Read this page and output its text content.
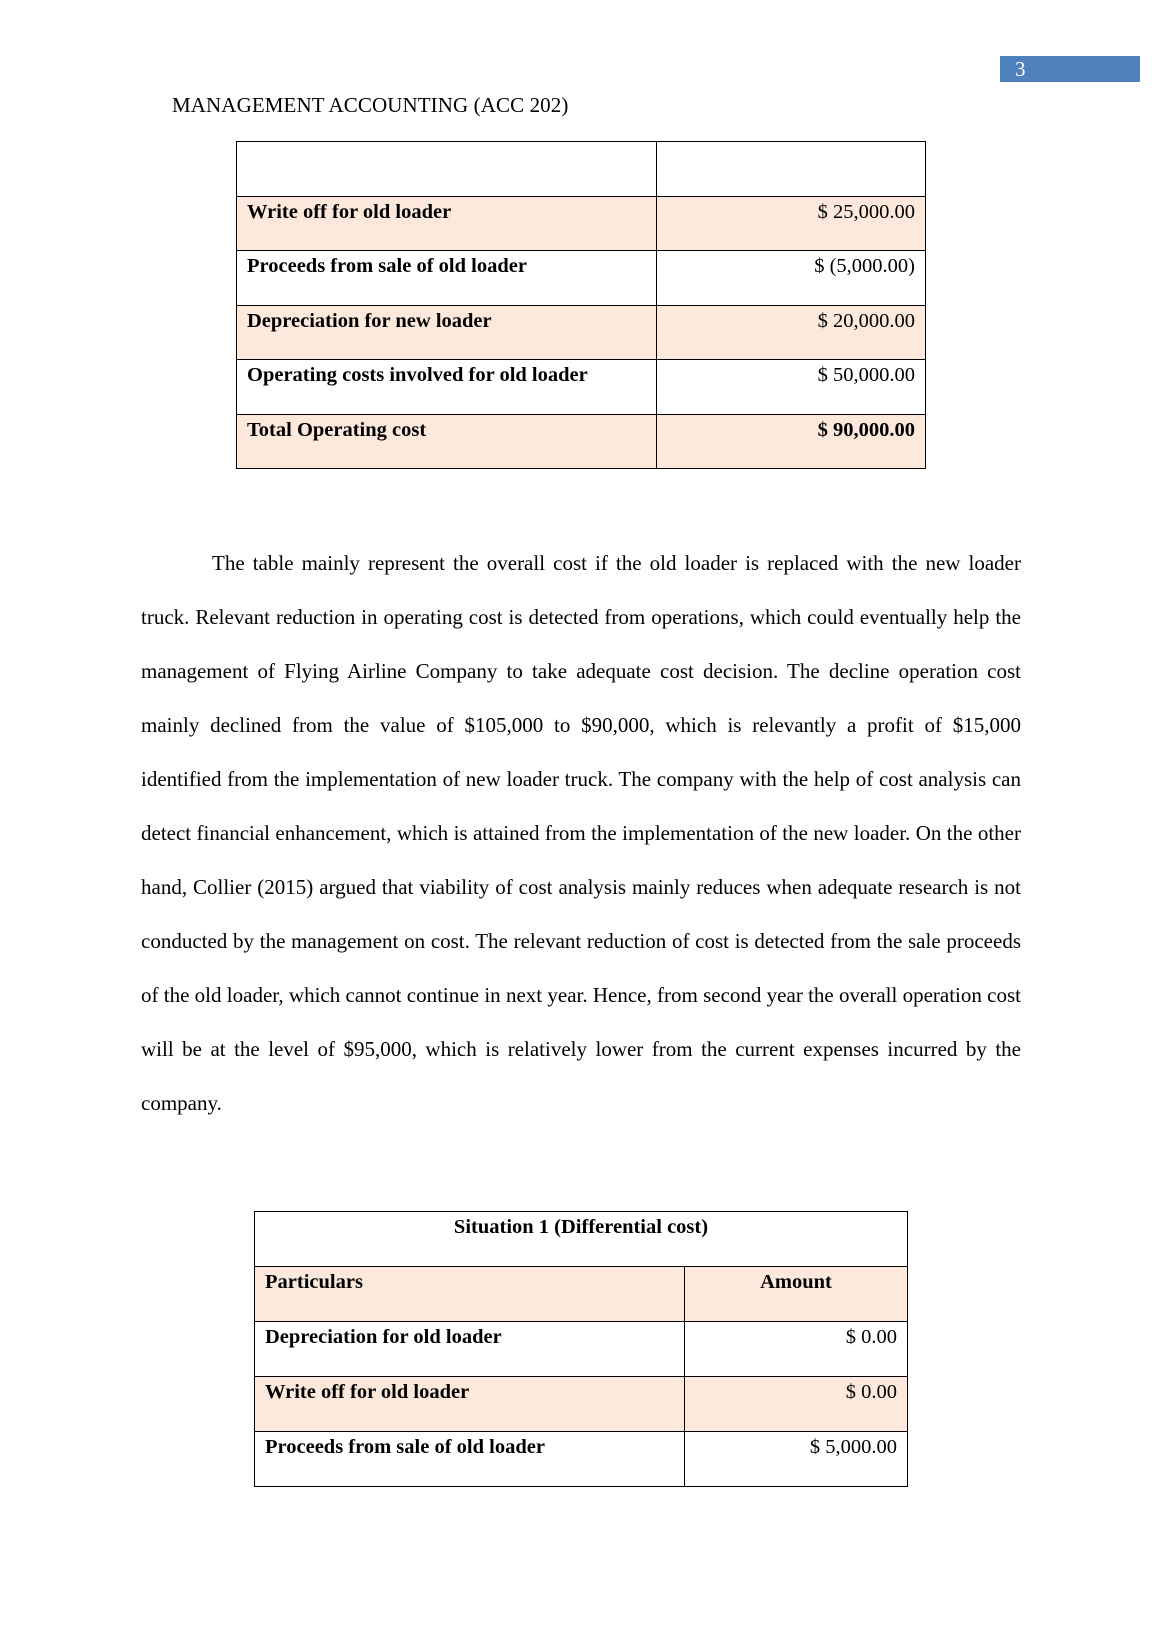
3
MANAGEMENT ACCOUNTING (ACC 202)

Write off for old loader	$ 25,000.00
Proceeds from sale of old loader	$ (5,000.00)
Depreciation for new loader	$ 20,000.00
Operating costs involved for old loader	$ 50,000.00
Total Operating cost	$ 90,000.00

The table mainly represent the overall cost if the old loader is replaced with the new loader truck. Relevant reduction in operating cost is detected from operations, which could eventually help the management of Flying Airline Company to take adequate cost decision. The decline operation cost mainly declined from the value of $105,000 to $90,000, which is relevantly a profit of $15,000 identified from the implementation of new loader truck. The company with the help of cost analysis can detect financial enhancement, which is attained from the implementation of the new loader. On the other hand, Collier (2015) argued that viability of cost analysis mainly reduces when adequate research is not conducted by the management on cost. The relevant reduction of cost is detected from the sale proceeds of the old loader, which cannot continue in next year. Hence, from second year the overall operation cost will be at the level of $95,000, which is relatively lower from the current expenses incurred by the company.

Situation 1 (Differential cost)	
Particulars	Amount
Depreciation for old loader	$ 0.00
Write off for old loader	$ 0.00
Proceeds from sale of old loader	$ 5,000.00
